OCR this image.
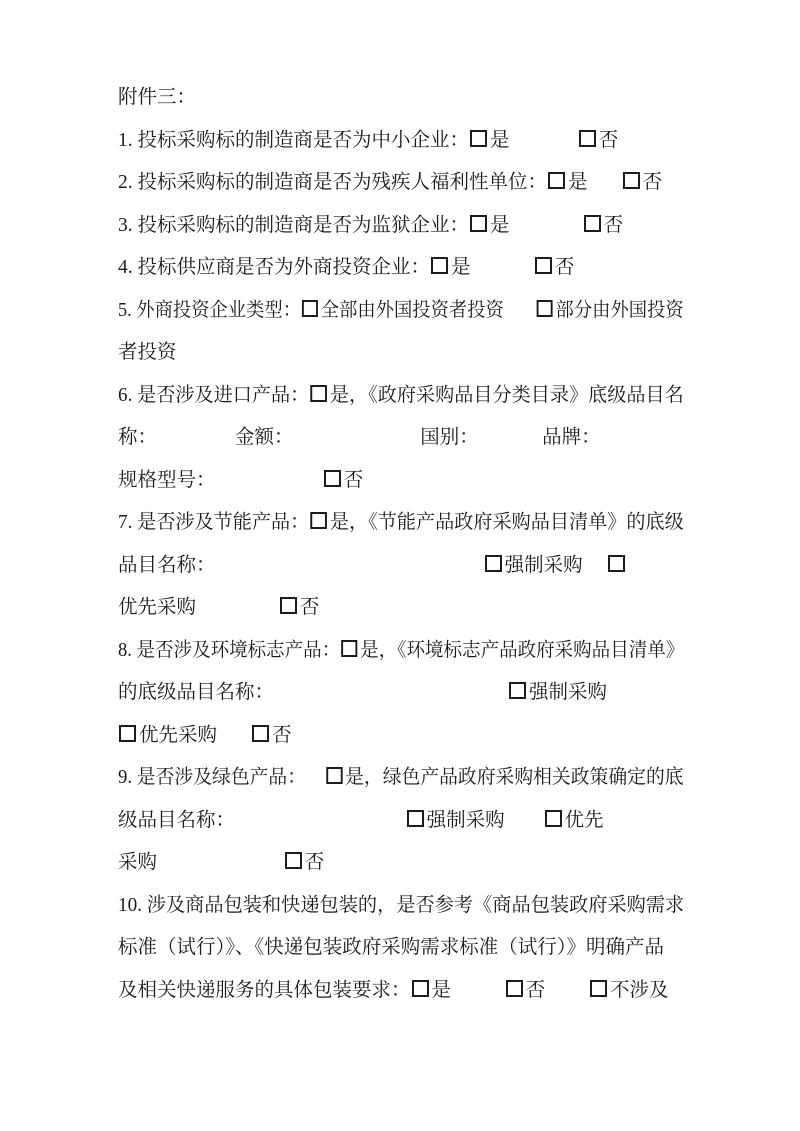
附件三：
1. 投标采购标的制造商是否为中小企业： 是	否
2. 投标采购标的制造商是否为残疾人福利性单位： 是	否
3. 投标采购标的制造商是否为监狱企业： 是	否
4. 投标供应商是否为外商投资企业： 是	否
5. 外商投资企业类型： 全部由外国投资者投资	部分由外国投资
者投资
6. 是否涉及进口产品： 是，《政府采购品目分类目录》底级品目名
称：	金额：	国别：	品牌：
规格型号：	否
7. 是否涉及节能产品： 是，《节能产品政府采购品目清单》的底级
品目名称：	强制采购
优先采购	否
8. 是否涉及环境标志产品： 是，《环境标志产品政府采购品目清单》
的底级品目名称：	强制采购
优先采购	否
9. 是否涉及绿色产品： 是，绿色产品政府采购相关政策确定的底
级品目名称：	强制采购	优先
采购	否
10. 涉及商品包装和快递包装的，是否参考《商品包装政府采购需求
标准（试行）》、《快递包装政府采购需求标准（试行）》明确产品
及相关快递服务的具体包装要求： 是	否	不涉及
